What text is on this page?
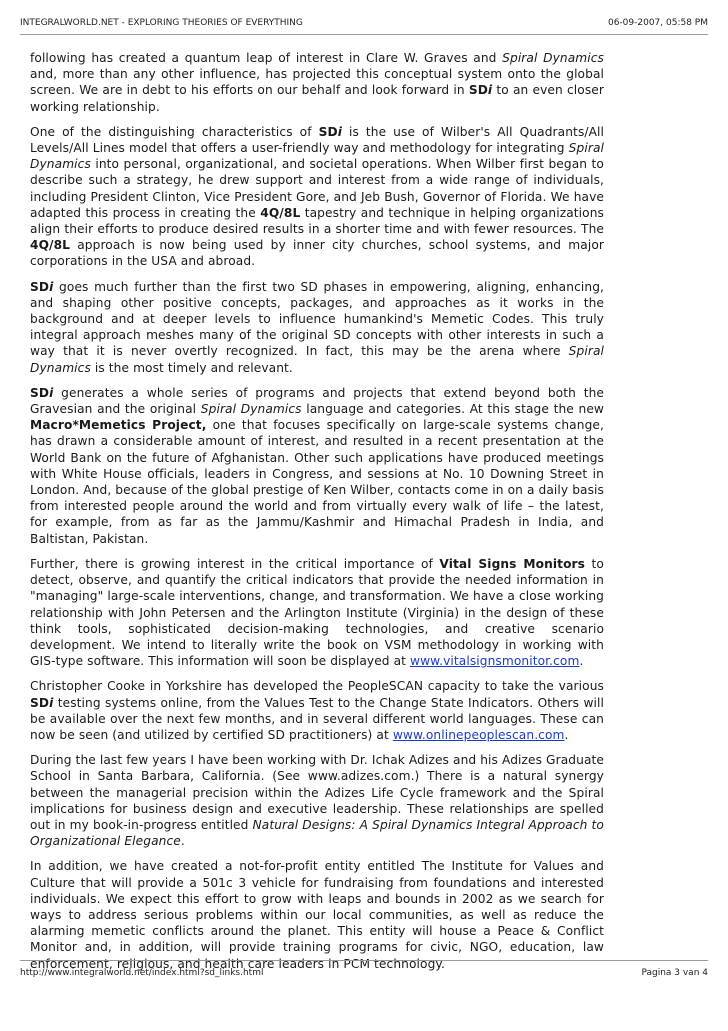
INTEGRALWORLD.NET - EXPLORING THEORIES OF EVERYTHING	06-09-2007, 05:58 PM

following has created a quantum leap of interest in Clare W. Graves and Spiral Dynamics and, more than any other influence, has projected this conceptual system onto the global screen. We are in debt to his efforts on our behalf and look forward in SDi to an even closer working relationship.

One of the distinguishing characteristics of SDi is the use of Wilber's All Quadrants/All Levels/All Lines model that offers a user-friendly way and methodology for integrating Spiral Dynamics into personal, organizational, and societal operations. When Wilber first began to describe such a strategy, he drew support and interest from a wide range of individuals, including President Clinton, Vice President Gore, and Jeb Bush, Governor of Florida. We have adapted this process in creating the 4Q/8L tapestry and technique in helping organizations align their efforts to produce desired results in a shorter time and with fewer resources. The 4Q/8L approach is now being used by inner city churches, school systems, and major corporations in the USA and abroad.

SDi goes much further than the first two SD phases in empowering, aligning, enhancing, and shaping other positive concepts, packages, and approaches as it works in the background and at deeper levels to influence humankind's Memetic Codes. This truly integral approach meshes many of the original SD concepts with other interests in such a way that it is never overtly recognized. In fact, this may be the arena where Spiral Dynamics is the most timely and relevant.

SDi generates a whole series of programs and projects that extend beyond both the Gravesian and the original Spiral Dynamics language and categories. At this stage the new Macro*Memetics Project, one that focuses specifically on large-scale systems change, has drawn a considerable amount of interest, and resulted in a recent presentation at the World Bank on the future of Afghanistan. Other such applications have produced meetings with White House officials, leaders in Congress, and sessions at No. 10 Downing Street in London. And, because of the global prestige of Ken Wilber, contacts come in on a daily basis from interested people around the world and from virtually every walk of life – the latest, for example, from as far as the Jammu/Kashmir and Himachal Pradesh in India, and Baltistan, Pakistan.

Further, there is growing interest in the critical importance of Vital Signs Monitors to detect, observe, and quantify the critical indicators that provide the needed information in "managing" large-scale interventions, change, and transformation. We have a close working relationship with John Petersen and the Arlington Institute (Virginia) in the design of these think tools, sophisticated decision-making technologies, and creative scenario development. We intend to literally write the book on VSM methodology in working with GIS-type software. This information will soon be displayed at www.vitalsignsmonitor.com.

Christopher Cooke in Yorkshire has developed the PeopleSCAN capacity to take the various SDi testing systems online, from the Values Test to the Change State Indicators. Others will be available over the next few months, and in several different world languages. These can now be seen (and utilized by certified SD practitioners) at www.onlinepeoplescan.com.

During the last few years I have been working with Dr. Ichak Adizes and his Adizes Graduate School in Santa Barbara, California. (See www.adizes.com.) There is a natural synergy between the managerial precision within the Adizes Life Cycle framework and the Spiral implications for business design and executive leadership. These relationships are spelled out in my book-in-progress entitled Natural Designs: A Spiral Dynamics Integral Approach to Organizational Elegance.

In addition, we have created a not-for-profit entity entitled The Institute for Values and Culture that will provide a 501c 3 vehicle for fundraising from foundations and interested individuals. We expect this effort to grow with leaps and bounds in 2002 as we search for ways to address serious problems within our local communities, as well as reduce the alarming memetic conflicts around the planet. This entity will house a Peace & Conflict Monitor and, in addition, will provide training programs for civic, NGO, education, law enforcement, religious, and health care leaders in PCM technology.

http://www.integralworld.net/index.html?sd_links.html	Pagina 3 van 4
